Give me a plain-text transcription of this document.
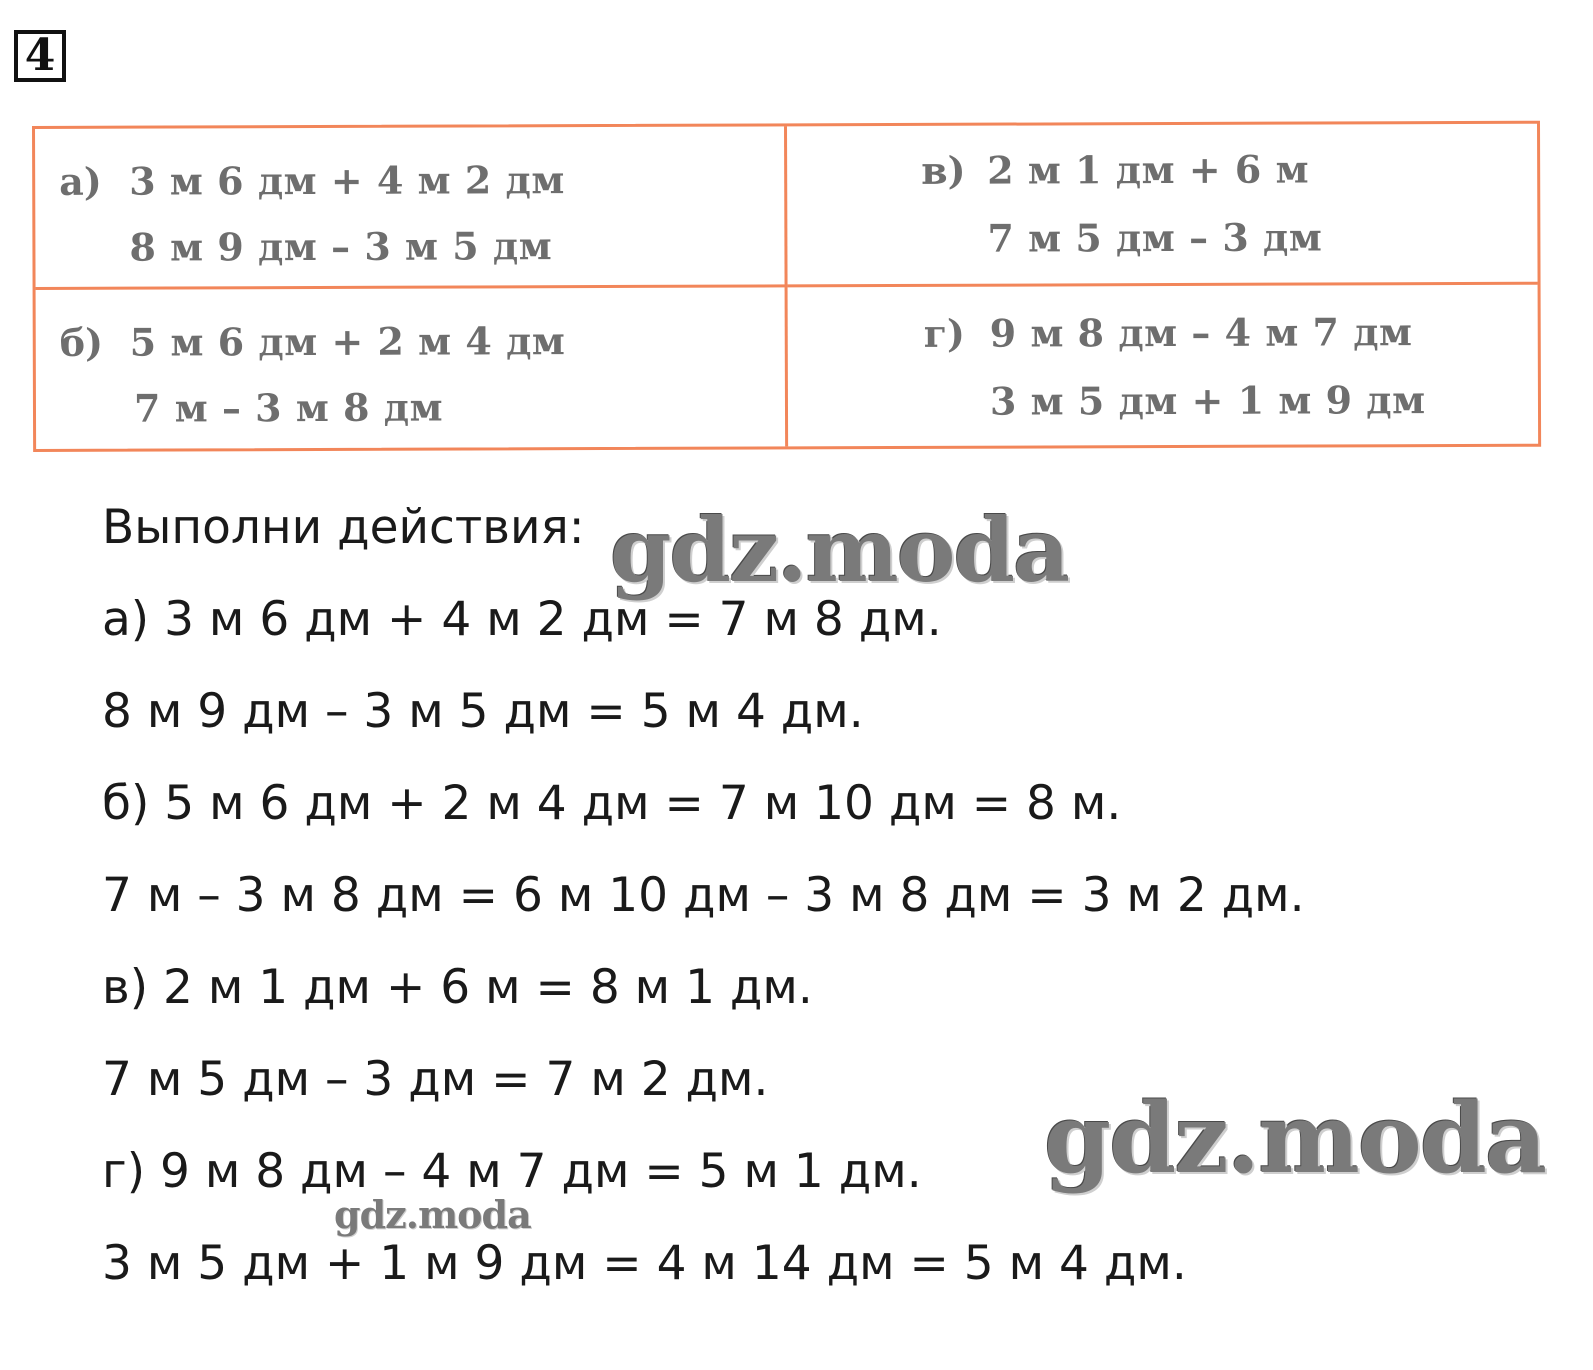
4
а) 3 м 6 дм + 4 м 2 дм
8 м 9 дм – 3 м 5 дм
в) 2 м 1 дм + 6 м
7 м 5 дм – 3 дм
б) 5 м 6 дм + 2 м 4 дм
7 м – 3 м 8 дм
г) 9 м 8 дм – 4 м 7 дм
3 м 5 дм + 1 м 9 дм
Выполни действия:
а) 3 м 6 дм + 4 м 2 дм = 7 м 8 дм.
8 м 9 дм – 3 м 5 дм = 5 м 4 дм.
б) 5 м 6 дм + 2 м 4 дм = 7 м 10 дм = 8 м.
7 м – 3 м 8 дм = 6 м 10 дм – 3 м 8 дм = 3 м 2 дм.
в) 2 м 1 дм + 6 м = 8 м 1 дм.
7 м 5 дм – 3 дм = 7 м 2 дм.
г) 9 м 8 дм – 4 м 7 дм = 5 м 1 дм.
3 м 5 дм + 1 м 9 дм = 4 м 14 дм = 5 м 4 дм.
gdz.moda
gdz.moda
gdz.moda
